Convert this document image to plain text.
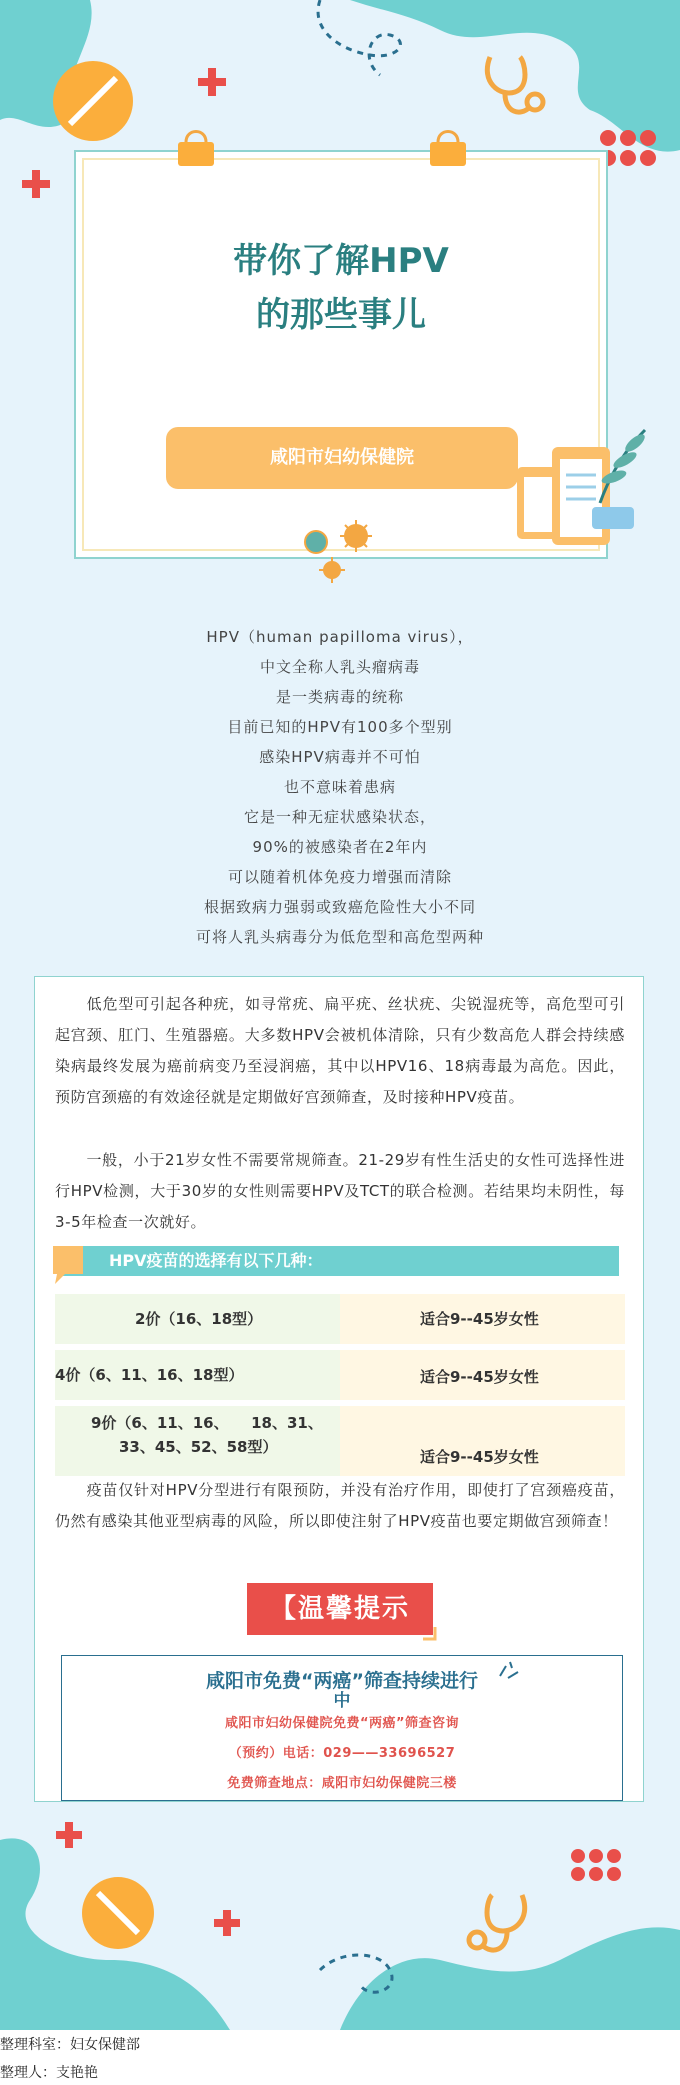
带你了解HPV
的那些事儿
咸阳市妇幼保健院
HPV（human papilloma virus），
中文全称人乳头瘤病毒
是一类病毒的统称
目前已知的HPV有100多个型别
感染HPV病毒并不可怕
也不意味着患病
它是一种无症状感染状态，
90%的被感染者在2年内
可以随着机体免疫力增强而清除
根据致病力强弱或致癌危险性大小不同
可将人乳头病毒分为低危型和高危型两种
　　低危型可引起各种疣，如寻常疣、扁平疣、丝状疣、尖锐湿疣等，高危型可引起宫颈、肛门、生殖器癌。大多数HPV会被机体清除，只有少数高危人群会持续感染病最终发展为癌前病变乃至浸润癌，其中以HPV16、18病毒最为高危。因此，预防宫颈癌的有效途径就是定期做好宫颈筛查，及时接种HPV疫苗。
　　一般，小于21岁女性不需要常规筛查。21-29岁有性生活史的女性可选择性进行HPV检测，大于30岁的女性则需要HPV及TCT的联合检测。若结果均未阴性，每3-5年检查一次就好。
HPV疫苗的选择有以下几种：
2价（16、18型）	适合9--45岁女性
4价（6、11、16、18型）	适合9--45岁女性
9价（6、11、16、　　18、31、
33、45、52、58型）
适合9--45岁女性
　　疫苗仅针对HPV分型进行有限预防，并没有治疗作用，即使打了宫颈癌疫苗，仍然有感染其他亚型病毒的风险，所以即使注射了HPV疫苗也要定期做宫颈筛查！
【温馨提示
咸阳市免费“两癌”筛查持续进行
中
咸阳市妇幼保健院免费“两癌”筛查咨询
（预约）电话：029——33696527
免费筛查地点：咸阳市妇幼保健院三楼
整理科室：妇女保健部
整理人：支艳艳
